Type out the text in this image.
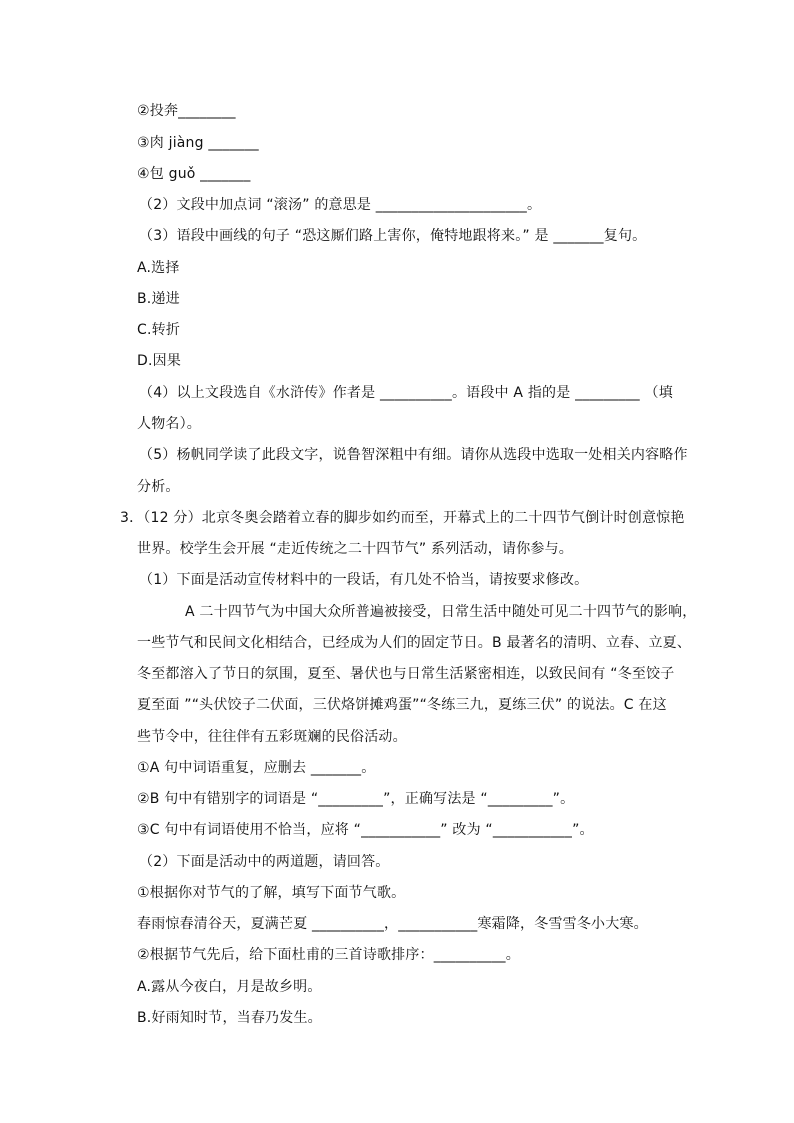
②投奔________
③肉 jiàng _______
④包 guǒ _______
（2）文段中加点词 “滚汤” 的意思是 _____________________。
（3）语段中画线的句子 “恐这厮们路上害你，俺特地跟将来。” 是 _______复句。
A.选择
B.递进
C.转折
D.因果
（4）以上文段选自《水浒传》作者是 __________。语段中 A 指的是 _________ （填
人物名）。
（5）杨帆同学读了此段文字，说鲁智深粗中有细。请你从选段中选取一处相关内容略作
分析。
3．（12 分）北京冬奥会踏着立春的脚步如约而至，开幕式上的二十四节气倒计时创意惊艳
世界。校学生会开展 “走近传统之二十四节气” 系列活动，请你参与。
（1）下面是活动宣传材料中的一段话，有几处不恰当，请按要求修改。
A 二十四节气为中国大众所普遍被接受，日常生活中随处可见二十四节气的影响，
一些节气和民间文化相结合，已经成为人们的固定节日。B 最著名的清明、立春、立夏、
冬至都溶入了节日的氛围，夏至、暑伏也与日常生活紧密相连，以致民间有 “冬至饺子
夏至面 ”“头伏饺子二伏面，三伏烙饼摊鸡蛋”“冬练三九，夏练三伏” 的说法。C 在这
些节令中，往往伴有五彩斑斓的民俗活动。
①A 句中词语重复，应删去 _______。
②B 句中有错别字的词语是 “_________”，正确写法是 “_________”。
③C 句中有词语使用不恰当，应将 “___________” 改为 “___________”。
（2）下面是活动中的两道题，请回答。
①根据你对节气的了解，填写下面节气歌。
春雨惊春清谷天，夏满芒夏 __________，___________寒霜降，冬雪雪冬小大寒。
②根据节气先后，给下面杜甫的三首诗歌排序：__________。
A.露从今夜白，月是故乡明。
B.好雨知时节，当春乃发生。
